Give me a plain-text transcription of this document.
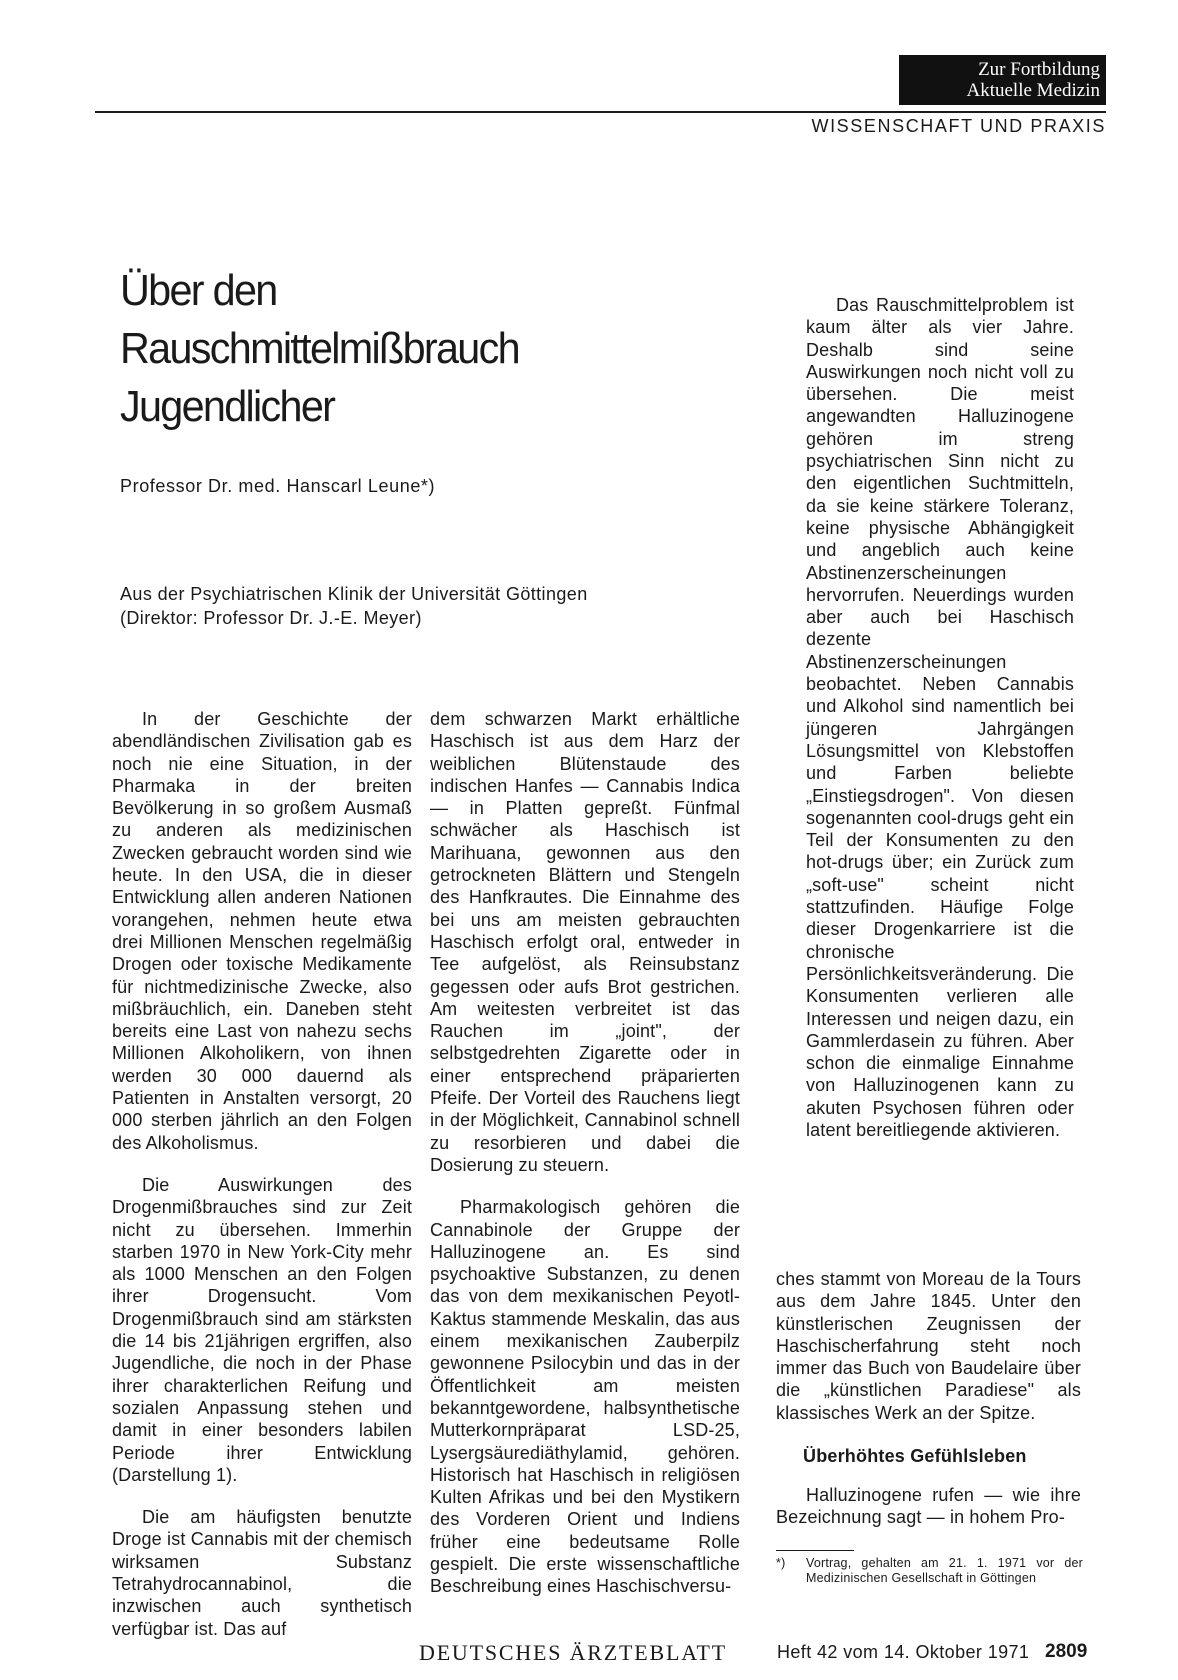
Zur Fortbildung
Aktuelle Medizin
WISSENSCHAFT UND PRAXIS
Über den
Rauschmittelmißbrauch
Jugendlicher
Professor Dr. med. Hanscarl Leune*)
Aus der Psychiatrischen Klinik der Universität Göttingen
(Direktor: Professor Dr. J.-E. Meyer)

In der Geschichte der abendländischen Zivilisation gab es noch nie eine Situation, in der Pharmaka in der breiten Bevölkerung in so großem Ausmaß zu anderen als medizinischen Zwecken gebraucht worden sind wie heute. In den USA, die in dieser Entwicklung allen anderen Nationen vorangehen, nehmen heute etwa drei Millionen Menschen regelmäßig Drogen oder toxische Medikamente für nichtmedizinische Zwecke, also mißbräuchlich, ein. Daneben steht bereits eine Last von nahezu sechs Millionen Alkoholikern, von ihnen werden 30 000 dauernd als Patienten in Anstalten versorgt, 20 000 sterben jährlich an den Folgen des Alkoholismus.

Die Auswirkungen des Drogenmißbrauches sind zur Zeit nicht zu übersehen. Immerhin starben 1970 in New York-City mehr als 1000 Menschen an den Folgen ihrer Drogensucht. Vom Drogenmißbrauch sind am stärksten die 14 bis 21jährigen ergriffen, also Jugendliche, die noch in der Phase ihrer charakterlichen Reifung und sozialen Anpassung stehen und damit in einer besonders labilen Periode ihrer Entwicklung (Darstellung 1).

Die am häufigsten benutzte Droge ist Cannabis mit der chemisch wirksamen Substanz Tetrahydrocannabinol, die inzwischen auch synthetisch verfügbar ist. Das auf

dem schwarzen Markt erhältliche Haschisch ist aus dem Harz der weiblichen Blütenstaude des indischen Hanfes — Cannabis Indica — in Platten gepreßt. Fünfmal schwächer als Haschisch ist Marihuana, gewonnen aus den getrockneten Blättern und Stengeln des Hanfkrautes. Die Einnahme des bei uns am meisten gebrauchten Haschisch erfolgt oral, entweder in Tee aufgelöst, als Reinsubstanz gegessen oder aufs Brot gestrichen. Am weitesten verbreitet ist das Rauchen im „joint", der selbstgedrehten Zigarette oder in einer entsprechend präparierten Pfeife. Der Vorteil des Rauchens liegt in der Möglichkeit, Cannabinol schnell zu resorbieren und dabei die Dosierung zu steuern.

Pharmakologisch gehören die Cannabinole der Gruppe der Halluzinogene an. Es sind psychoaktive Substanzen, zu denen das von dem mexikanischen Peyotl-Kaktus stammende Meskalin, das aus einem mexikanischen Zauberpilz gewonnene Psilocybin und das in der Öffentlichkeit am meisten bekanntgewordene, halbsynthetische Mutterkornpräparat LSD-25, Lysergsäurediäthylamid, gehören. Historisch hat Haschisch in religiösen Kulten Afrikas und bei den Mystikern des Vorderen Orient und Indiens früher eine bedeutsame Rolle gespielt. Die erste wissenschaftliche Beschreibung eines Haschischversu-

Das Rauschmittelproblem ist kaum älter als vier Jahre. Deshalb sind seine Auswirkungen noch nicht voll zu übersehen. Die meist angewandten Halluzinogene gehören im streng psychiatrischen Sinn nicht zu den eigentlichen Suchtmitteln, da sie keine stärkere Toleranz, keine physische Abhängigkeit und angeblich auch keine Abstinenzerscheinungen hervorrufen. Neuerdings wurden aber auch bei Haschisch dezente Abstinenzerscheinungen beobachtet. Neben Cannabis und Alkohol sind namentlich bei jüngeren Jahrgängen Lösungsmittel von Klebstoffen und Farben beliebte „Einstiegsdrogen". Von diesen sogenannten cool-drugs geht ein Teil der Konsumenten zu den hot-drugs über; ein Zurück zum „soft-use" scheint nicht stattzufinden. Häufige Folge dieser Drogenkarriere ist die chronische Persönlichkeitsveränderung. Die Konsumenten verlieren alle Interessen und neigen dazu, ein Gammlerdasein zu führen. Aber schon die einmalige Einnahme von Halluzinogenen kann zu akuten Psychosen führen oder latent bereitliegende aktivieren.

ches stammt von Moreau de la Tours aus dem Jahre 1845. Unter den künstlerischen Zeugnissen der Haschischerfahrung steht noch immer das Buch von Baudelaire über die „künstlichen Paradiese" als klassisches Werk an der Spitze.

Überhöhtes Gefühlsleben

Halluzinogene rufen — wie ihre Bezeichnung sagt — in hohem Pro-

*)	Vortrag, gehalten am 21. 1. 1971 vor der Medizinischen Gesellschaft in Göttingen
DEUTSCHES ÄRZTEBLATT	Heft 42 vom 14. Oktober 1971 2809
